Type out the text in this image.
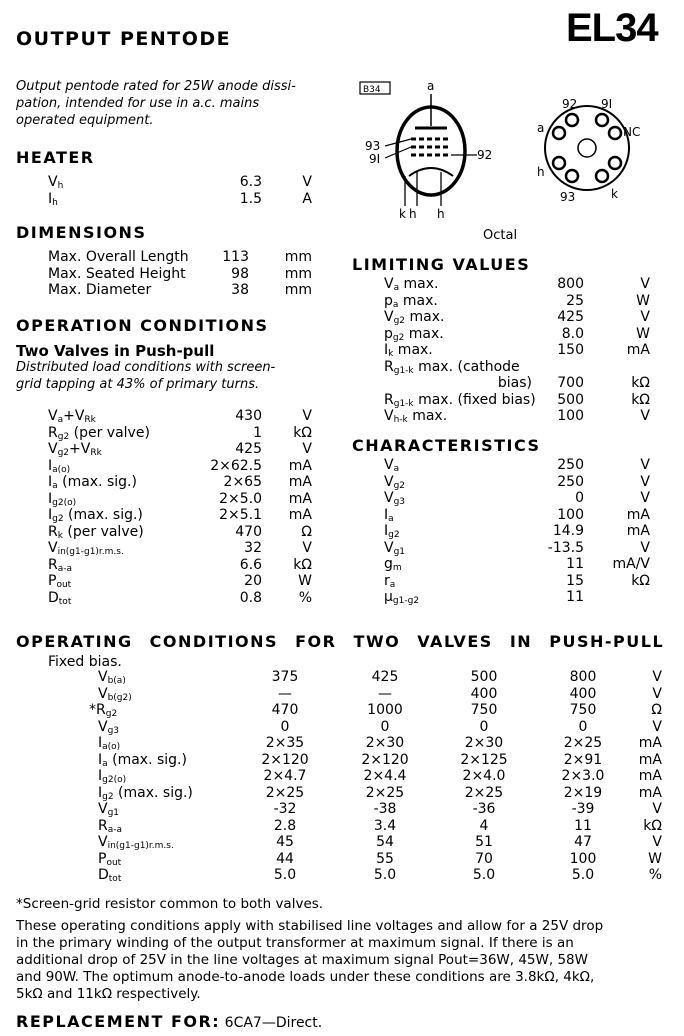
OUTPUT PENTODE	EL34
Output pentode rated for 25W anode dissi-
pation, intended for use in a.c. mains
operated equipment.
HEATER
$V_h$	6.3	V
$I_h$	1.5	A
DIMENSIONS
Max. Overall Length	113	mm
Max. Seated Height	98	mm
Max. Diameter	38	mm
OPERATION CONDITIONS
Two Valves in Push-pull
Distributed load conditions with screen-
grid tapping at 43% of primary turns.
$V_a+V_{Rk}$	430	V
$R_{g2}$ (per valve)	1	kΩ
$V_{g2}+V_{Rk}$	425	V
$I_{a(o)}$	2×62.5	mA
$I_a$ (max. sig.)	2×65	mA
$I_{g2(o)}$	2×5.0	mA
$I_{g2}$ (max. sig.)	2×5.1	mA
$R_k$ (per valve)	470	Ω
$V_{in(g1-g1)r.m.s.}$	32	V
$R_{a-a}$	6.6	kΩ
$P_{out}$	20	W
$D_{tot}$	0.8	%
B34	a
93
9I	92
k h h
Octal
92 9I
NC
a
h
93	k
LIMITING VALUES
$V_a$ max.	800	V
$p_a$ max.	25	W
$V_{g2}$ max.	425	V
$p_{g2}$ max.	8.0	W
$I_k$ max.	150	mA
$R_{g1-k}$ max. (cathode
bias)	700	kΩ
$R_{g1-k}$ max. (fixed bias)	500	kΩ
$V_{h-k}$ max.	100	V
CHARACTERISTICS
$V_a$	250	V
$V_{g2}$	250	V
$V_{g3}$	0	V
$I_a$	100	mA
$I_{g2}$	14.9	mA
$V_{g1}$	-13.5	V
$g_m$	11	mA/V
$r_a$	15	kΩ
$\mu_{g1-g2}$	11
OPERATING CONDITIONS FOR TWO VALVES IN PUSH-PULL
Fixed bias.
$V_{b(a)}$	375	425	500	800	V
$V_{b(g2)}$	—	—	400	400	V
$*R_{g2}$	470	1000	750	750	Ω
$V_{g3}$	0	0	0	0	V
$I_{a(o)}$	2×35	2×30	2×30	2×25	mA
$I_a$ (max. sig.)	2×120	2×120	2×125	2×91	mA
$I_{g2(o)}$	2×4.7	2×4.4	2×4.0	2×3.0	mA
$I_{g2}$ (max. sig.)	2×25	2×25	2×25	2×19	mA
$V_{g1}$	-32	-38	-36	-39	V
$R_{a-a}$	2.8	3.4	4	11	kΩ
$V_{in(g1-g1)r.m.s.}$	45	54	51	47	V
$P_{out}$	44	55	70	100	W
$D_{tot}$	5.0	5.0	5.0	5.0	%
*Screen-grid resistor common to both valves.
These operating conditions apply with stabilised line voltages and allow for a 25V drop
in the primary winding of the output transformer at maximum signal. If there is an
additional drop of 25V in the line voltages at maximum signal Pout=36W, 45W, 58W
and 90W. The optimum anode-to-anode loads under these conditions are 3.8kΩ, 4kΩ,
5kΩ and 11kΩ respectively.
REPLACEMENT FOR: 6CA7—Direct.
